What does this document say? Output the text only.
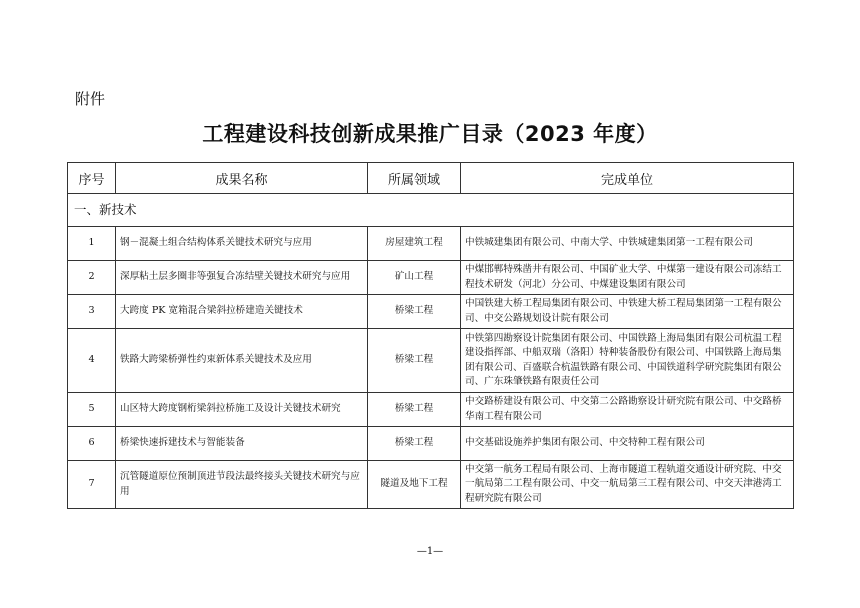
附件
工程建设科技创新成果推广目录（2023 年度）
序号	成果名称	所属领域	完成单位
一、新技术			
1	钢－混凝土组合结构体系关键技术研究与应用	房屋建筑工程	中铁城建集团有限公司、中南大学、中铁城建集团第一工程有限公司
2	深厚粘土层多圈非等强复合冻结壁关键技术研究与应用	矿山工程	中煤邯郸特殊凿井有限公司、中国矿业大学、中煤第一建设有限公司冻结工程技术研发（河北）分公司、中煤建设集团有限公司
3	大跨度 PK 宽箱混合梁斜拉桥建造关键技术	桥梁工程	中国铁建大桥工程局集团有限公司、中铁建大桥工程局集团第一工程有限公司、中交公路规划设计院有限公司
4	铁路大跨梁桥弹性约束新体系关键技术及应用	桥梁工程	中铁第四勘察设计院集团有限公司、中国铁路上海局集团有限公司杭温工程建设指挥部、中船双瑞（洛阳）特种装备股份有限公司、中国铁路上海局集团有限公司、百盛联合杭温铁路有限公司、中国铁道科学研究院集团有限公司、广东珠肇铁路有限责任公司
5	山区特大跨度钢桁梁斜拉桥施工及设计关键技术研究	桥梁工程	中交路桥建设有限公司、中交第二公路勘察设计研究院有限公司、中交路桥华南工程有限公司
6	桥梁快速拆建技术与智能装备	桥梁工程	中交基础设施养护集团有限公司、中交特种工程有限公司
7	沉管隧道原位预制顶进节段法最终接头关键技术研究与应用	隧道及地下工程	中交第一航务工程局有限公司、上海市隧道工程轨道交通设计研究院、中交一航局第二工程有限公司、中交一航局第三工程有限公司、中交天津港湾工程研究院有限公司
—1—
